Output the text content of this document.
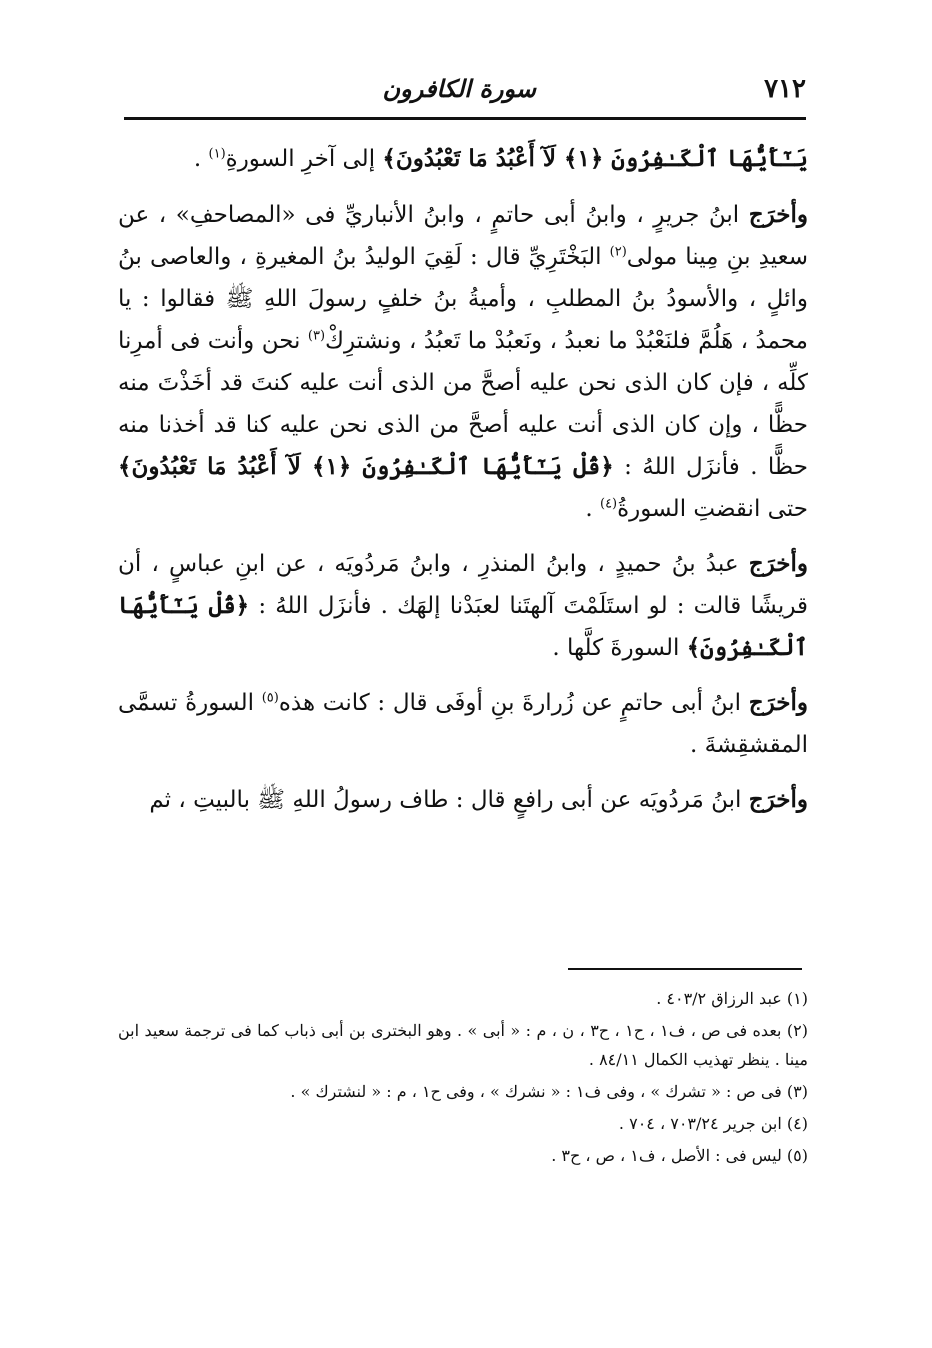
٧١٢
سورة الكافرون

يَـٰٓأَيُّهَا ٱلْكَـٰفِرُونَ ﴿١﴾ لَآ أَعْبُدُ مَا تَعْبُدُونَ﴾ إلى آخرِ السورةِ$^{(١)}$ .

وأخرَج ابنُ جريرٍ ، وابنُ أبى حاتمٍ ، وابنُ الأنباريِّ فى «المصاحفِ» ، عن سعيدِ بنِ مِينا مولى$^{(٢)}$ البَخْتَرِيِّ قال : لَقِيَ الوليدُ بنُ المغيرةِ ، والعاصى بنُ وائلٍ ، والأسودُ بنُ المطلبِ ، وأميةُ بنُ خلفٍ رسولَ اللهِ ﷺ فقالوا : يا محمدُ ، هَلُمَّ فلنَعْبُدْ ما نعبدُ ، ونَعبُدْ ما تَعبُدُ ، ونشترِكْ$^{(٣)}$ نحن وأنت فى أمرِنا كلِّه ، فإن كان الذى نحن عليه أصحَّ من الذى أنت عليه كنتَ قد أخَذْتَ منه حظًّا ، وإن كان الذى أنت عليه أصحَّ من الذى نحن عليه كنا قد أخذنا منه حظًّا . فأنزَل اللهُ : ﴿قُلْ يَـٰٓأَيُّهَا ٱلْكَـٰفِرُونَ ﴿١﴾ لَآ أَعْبُدُ مَا تَعْبُدُونَ﴾ حتى انقضتِ السورةُ$^{(٤)}$ .

وأخرَج عبدُ بنُ حميدٍ ، وابنُ المنذرِ ، وابنُ مَردُويَه ، عن ابنِ عباسٍ ، أن قريشًا قالت : لو استَلَمْتَ آلهتَنا لعبَدْنا إلهَك . فأنزَل اللهُ : ﴿قُلْ يَـٰٓأَيُّهَا ٱلْكَـٰفِرُونَ﴾ السورةَ كلَّها .

وأخرَج ابنُ أبى حاتمٍ عن زُرارةَ بنِ أوفَى قال : كانت هذه$^{(٥)}$ السورةُ تسمَّى المقشقِشةَ .

وأخرَج ابنُ مَردُويَه عن أبى رافعٍ قال : طاف رسولُ اللهِ ﷺ بالبيتِ ، ثم

(١) عبد الرزاق ٤٠٣/٢ .

(٢) بعده فى ص ، ف١ ، ح١ ، ح٣ ، ن ، م : « أبى » . وهو البخترى بن أبى ذباب كما فى ترجمة سعيد ابن مينا . ينظر تهذيب الكمال ٨٤/١١ .

(٣) فى ص : « تشرك » ، وفى ف١ : « نشرك » ، وفى ح١ ، م : « لنشترك » .

(٤) ابن جرير ٧٠٣/٢٤ ، ٧٠٤ .

(٥) ليس فى : الأصل ، ف١ ، ص ، ح٣ .
